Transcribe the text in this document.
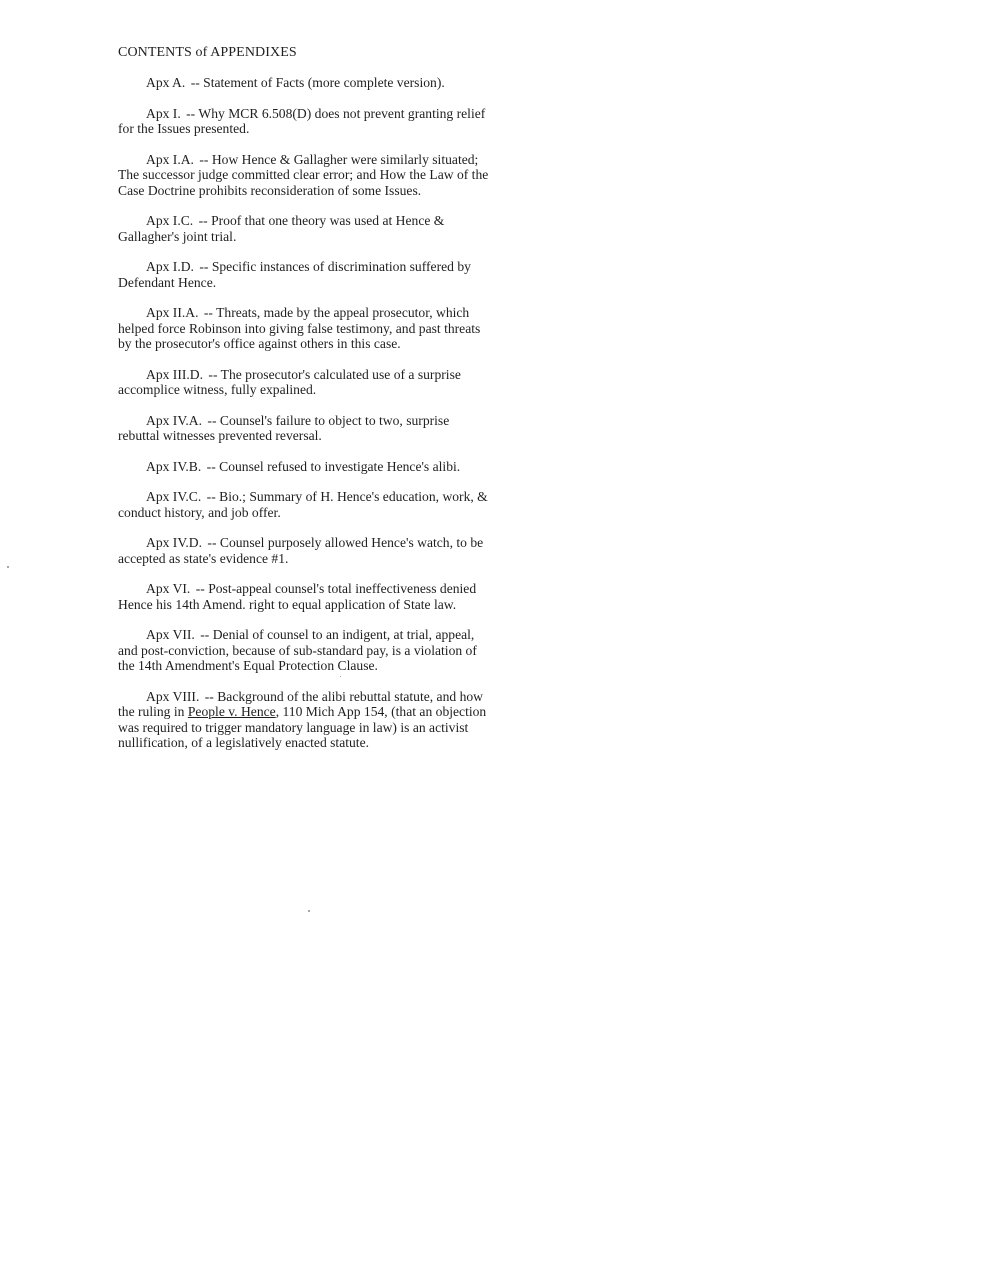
CONTENTS of APPENDIXES
Apx A. -- Statement of Facts (more complete version).
Apx I. -- Why MCR 6.508(D) does not prevent granting relief for the Issues presented.
Apx I.A. -- How Hence & Gallagher were similarly situated; The successor judge committed clear error; and How the Law of the Case Doctrine prohibits reconsideration of some Issues.
Apx I.C. -- Proof that one theory was used at Hence & Gallagher's joint trial.
Apx I.D. -- Specific instances of discrimination suffered by Defendant Hence.
Apx II.A. -- Threats, made by the appeal prosecutor, which helped force Robinson into giving false testimony, and past threats by the prosecutor's office against others in this case.
Apx III.D. -- The prosecutor's calculated use of a surprise accomplice witness, fully expalined.
Apx IV.A. -- Counsel's failure to object to two, surprise rebuttal witnesses prevented reversal.
Apx IV.B. -- Counsel refused to investigate Hence's alibi.
Apx IV.C. -- Bio.; Summary of H. Hence's education, work, & conduct history, and job offer.
Apx IV.D. -- Counsel purposely allowed Hence's watch, to be accepted as state's evidence #1.
Apx VI. -- Post-appeal counsel's total ineffectiveness denied Hence his 14th Amend. right to equal application of State law.
Apx VII. -- Denial of counsel to an indigent, at trial, appeal, and post-conviction, because of sub-standard pay, is a violation of the 14th Amendment's Equal Protection Clause.
Apx VIII. -- Background of the alibi rebuttal statute, and how the ruling in People v. Hence, 110 Mich App 154, (that an objection was required to trigger mandatory language in law) is an activist nullification, of a legislatively enacted statute.
